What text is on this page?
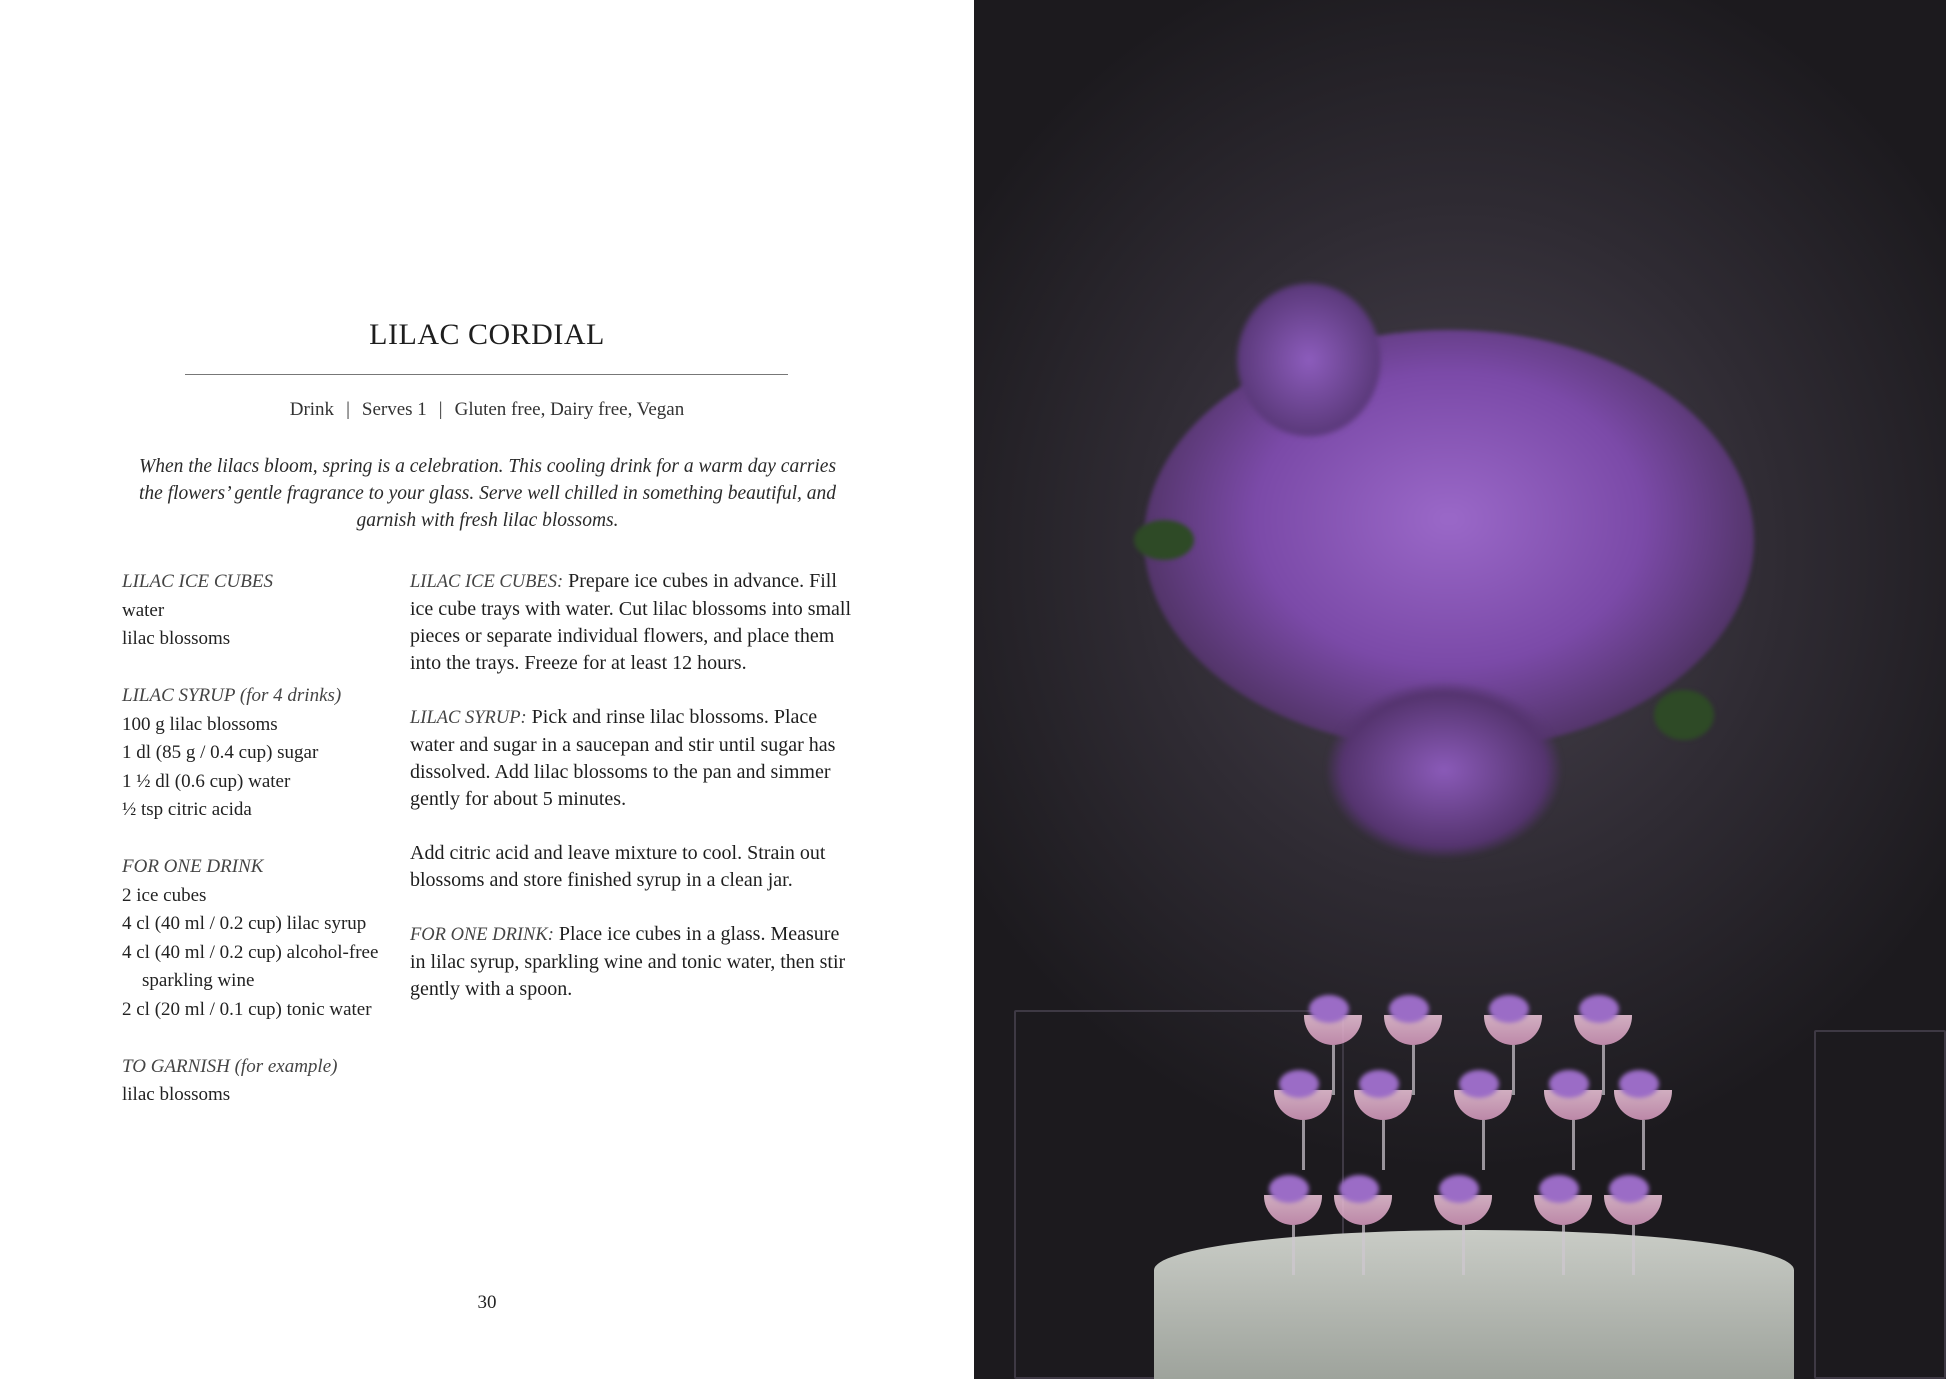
LILAC CORDIAL
Drink | Serves 1 | Gluten free, Dairy free, Vegan
When the lilacs bloom, spring is a celebration. This cooling drink for a warm day carries the flowers’ gentle fragrance to your glass. Serve well chilled in something beautiful, and garnish with fresh lilac blossoms.
LILAC ICE CUBES
water
lilac blossoms
LILAC SYRUP (for 4 drinks)
100 g lilac blossoms
1 dl (85 g / 0.4 cup) sugar
1 ½ dl (0.6 cup) water
½ tsp citric acida
FOR ONE DRINK
2 ice cubes
4 cl (40 ml / 0.2 cup) lilac syrup
4 cl (40 ml / 0.2 cup) alcohol-free
sparkling wine
2 cl (20 ml / 0.1 cup) tonic water
TO GARNISH (for example)
lilac blossoms

LILAC ICE CUBES: Prepare ice cubes in advance. Fill ice cube trays with water. Cut lilac blossoms into small pieces or separate individual flowers, and place them into the trays. Freeze for at least 12 hours.

LILAC SYRUP: Pick and rinse lilac blossoms. Place water and sugar in a saucepan and stir until sugar has dissolved. Add lilac blossoms to the pan and simmer gently for about 5 minutes.

Add citric acid and leave mixture to cool. Strain out blossoms and store finished syrup in a clean jar.

FOR ONE DRINK: Place ice cubes in a glass. Measure in lilac syrup, sparkling wine and tonic water, then stir gently with a spoon.

30
